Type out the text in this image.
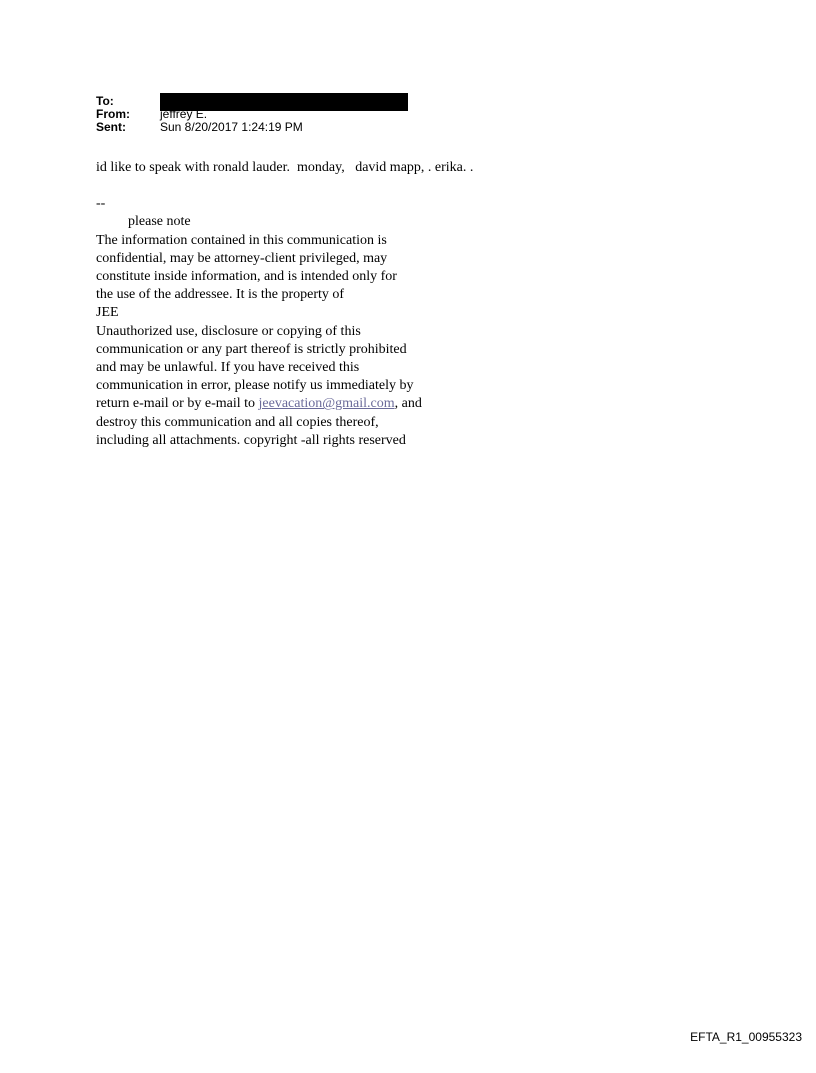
To:
From:	jeffrey E.
Sent:	Sun 8/20/2017 1:24:19 PM

id like to speak with ronald lauder.  monday,   david mapp, . erika. .

--

please note

The information contained in this communication is

confidential, may be attorney-client privileged, may

constitute inside information, and is intended only for

the use of the addressee. It is the property of

JEE

Unauthorized use, disclosure or copying of this

communication or any part thereof is strictly prohibited

and may be unlawful. If you have received this

communication in error, please notify us immediately by

return e-mail or by e-mail to jeevacation@gmail.com, and

destroy this communication and all copies thereof,

including all attachments. copyright -all rights reserved

EFTA_R1_00955323
